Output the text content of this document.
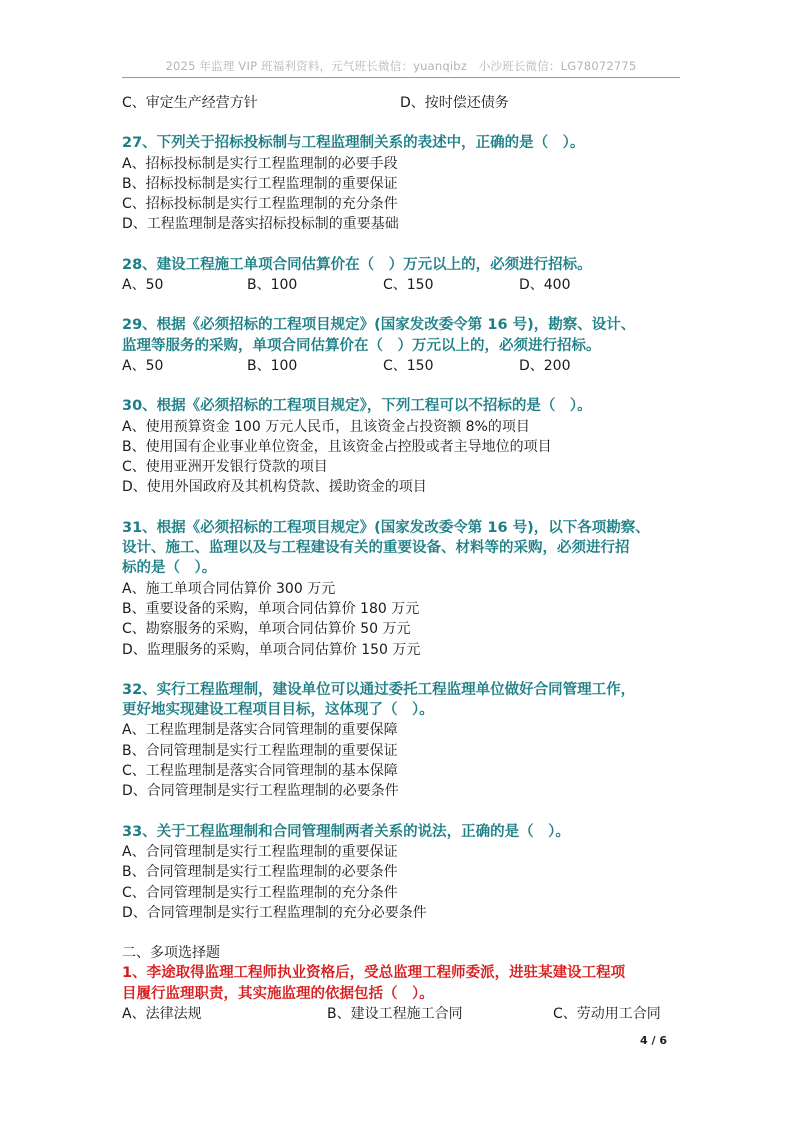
2025 年监理 VIP 班福利资料，元气班长微信：yuanqibz　小沙班长微信：LG78072775
C、审定生产经营方针	D、按时偿还债务
27、下列关于招标投标制与工程监理制关系的表述中，正确的是（　）。
A、招标投标制是实行工程监理制的必要手段
B、招标投标制是实行工程监理制的重要保证
C、招标投标制是实行工程监理制的充分条件
D、工程监理制是落实招标投标制的重要基础
28、建设工程施工单项合同估算价在（　）万元以上的，必须进行招标。
A、50	B、100	C、150	D、400
29、根据《必须招标的工程项目规定》(国家发改委令第 16 号)，勘察、设计、
监理等服务的采购，单项合同估算价在（　）万元以上的，必须进行招标。
A、50	B、100	C、150	D、200
30、根据《必须招标的工程项目规定》，下列工程可以不招标的是（　）。
A、使用预算资金 100 万元人民币，且该资金占投资额 8%的项目
B、使用国有企业事业单位资金，且该资金占控股或者主导地位的项目
C、使用亚洲开发银行贷款的项目
D、使用外国政府及其机构贷款、援助资金的项目
31、根据《必须招标的工程项目规定》(国家发改委令第 16 号)，以下各项勘察、
设计、施工、监理以及与工程建设有关的重要设备、材料等的采购，必须进行招
标的是（　）。
A、施工单项合同估算价 300 万元
B、重要设备的采购，单项合同估算价 180 万元
C、勘察服务的采购，单项合同估算价 50 万元
D、监理服务的采购，单项合同估算价 150 万元
32、实行工程监理制，建设单位可以通过委托工程监理单位做好合同管理工作，
更好地实现建设工程项目目标，这体现了（　）。
A、工程监理制是落实合同管理制的重要保障
B、合同管理制是实行工程监理制的重要保证
C、工程监理制是落实合同管理制的基本保障
D、合同管理制是实行工程监理制的必要条件
33、关于工程监理制和合同管理制两者关系的说法，正确的是（　）。
A、合同管理制是实行工程监理制的重要保证
B、合同管理制是实行工程监理制的必要条件
C、合同管理制是实行工程监理制的充分条件
D、合同管理制是实行工程监理制的充分必要条件
二、多项选择题
1、李途取得监理工程师执业资格后，受总监理工程师委派，进驻某建设工程项
目履行监理职责，其实施监理的依据包括（　）。
A、法律法规	B、建设工程施工合同	C、劳动用工合同
4 / 6
